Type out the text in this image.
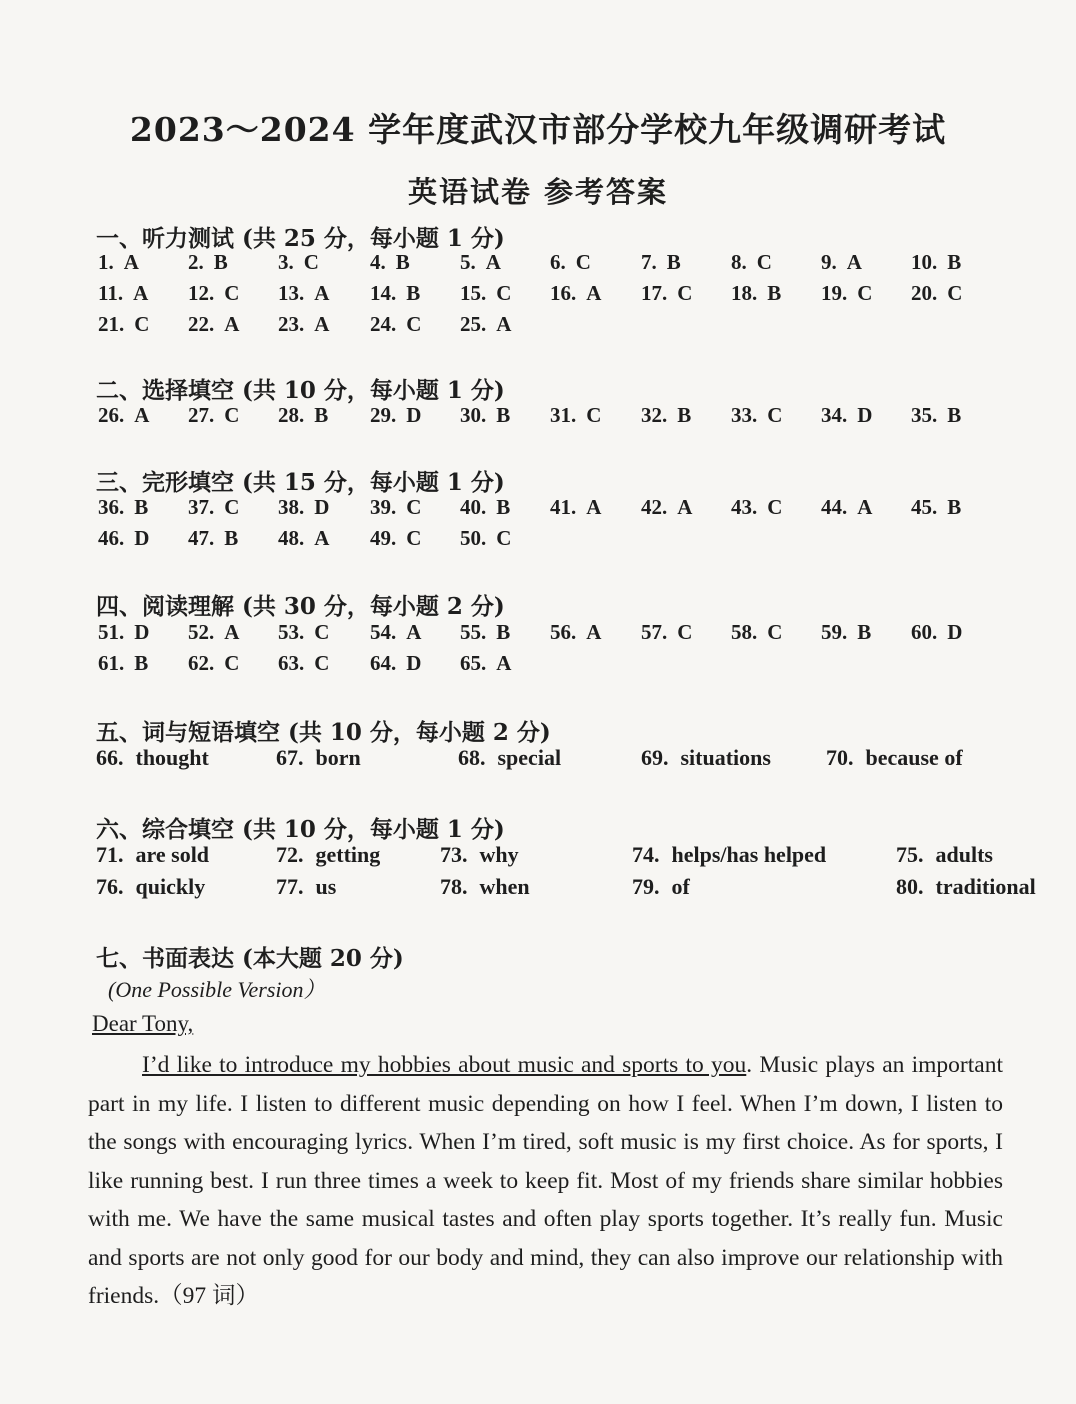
2023～2024 学年度武汉市部分学校九年级调研考试
英语试卷 参考答案
一、听力测试 (共 25 分，每小题 1 分)
二、选择填空 (共 10 分，每小题 1 分)
三、完形填空 (共 15 分，每小题 1 分)
四、阅读理解 (共 30 分，每小题 2 分)
五、词与短语填空 (共 10 分，每小题 2 分)
六、综合填空 (共 10 分，每小题 1 分)
七、书面表达 (本大题 20 分)
1. A 2. B 3. C 4. B 5. A 6. C 7. B 8. C 9. A 10. B
11. A 12. C 13. A 14. B 15. C 16. A 17. C 18. B 19. C 20. C
21. C 22. A 23. A 24. C 25. A
26. A 27. C 28. B 29. D 30. B 31. C 32. B 33. C 34. D 35. B
36. B 37. C 38. D 39. C 40. B 41. A 42. A 43. C 44. A 45. B
46. D 47. B 48. A 49. C 50. C
51. D 52. A 53. C 54. A 55. B 56. A 57. C 58. C 59. B 60. D
61. B 62. C 63. C 64. D 65. A
66. thought	67. born	68. special	69. situations	70. because of
71. are sold	72. getting	73. why	74. helps/has helped	75. adults
76. quickly	77. us	78. when	79. of	80. traditional
(One Possible Version）
Dear Tony,
I’d like to introduce my hobbies about music and sports to you. Music plays an important part in my life. I listen to different music depending on how I feel. When I’m down, I listen to the songs with encouraging lyrics. When I’m tired, soft music is my first choice. As for sports, I like running best. I run three times a week to keep fit. Most of my friends share similar hobbies with me. We have the same musical tastes and often play sports together. It’s really fun. Music and sports are not only good for our body and mind, they can also improve our relationship with friends.（97 词）
